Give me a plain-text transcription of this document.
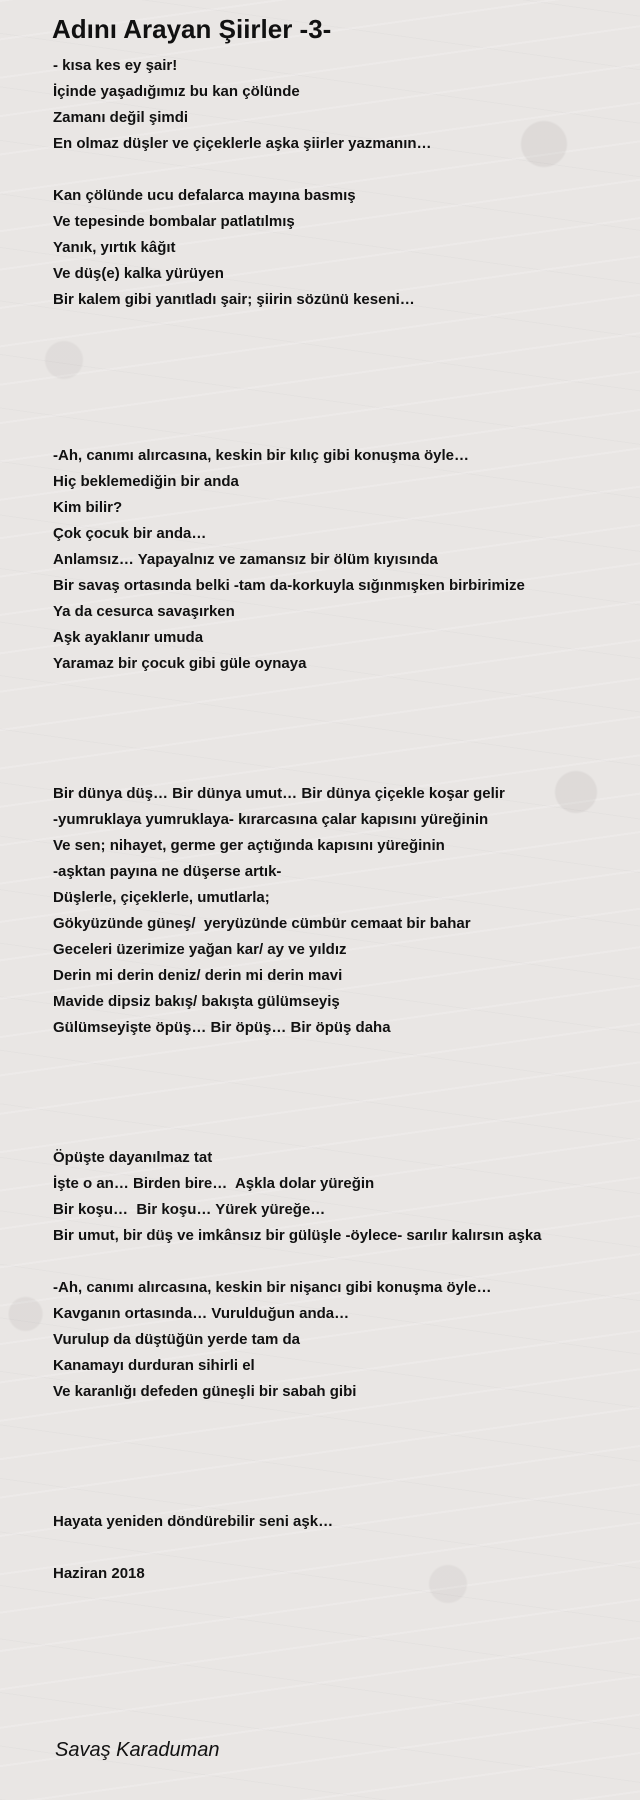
Adını Arayan Şiirler -3-
- kısa kes ey şair!
İçinde yaşadığımız bu kan çölünde
Zamanı değil şimdi
En olmaz düşler ve çiçeklerle aşka şiirler yazmanın…
Kan çölünde ucu defalarca mayına basmış
Ve tepesinde bombalar patlatılmış
Yanık, yırtık kâğıt
Ve düş(e) kalka yürüyen
Bir kalem gibi yanıtladı şair; şiirin sözünü keseni…
-Ah, canımı alırcasına, keskin bir kılıç gibi konuşma öyle…
Hiç beklemediğin bir anda
Kim bilir?
Çok çocuk bir anda…
Anlamsız… Yapayalnız ve zamansız bir ölüm kıyısında
Bir savaş ortasında belki -tam da-korkuyla sığınmışken birbirimize
Ya da cesurca savaşırken
Aşk ayaklanır umuda
Yaramaz bir çocuk gibi güle oynaya
Bir dünya düş… Bir dünya umut… Bir dünya çiçekle koşar gelir
-yumruklaya yumruklaya- kırarcasına çalar kapısını yüreğinin
Ve sen; nihayet, germe ger açtığında kapısını yüreğinin
-aşktan payına ne düşerse artık-
Düşlerle, çiçeklerle, umutlarla;
Gökyüzünde güneş/  yeryüzünde cümbür cemaat bir bahar
Geceleri üzerimize yağan kar/ ay ve yıldız
Derin mi derin deniz/ derin mi derin mavi
Mavide dipsiz bakış/ bakışta gülümseyiş
Gülümseyişte öpüş… Bir öpüş… Bir öpüş daha
Öpüşte dayanılmaz tat
İşte o an… Birden bire…  Aşkla dolar yüreğin
Bir koşu…  Bir koşu… Yürek yüreğe…
Bir umut, bir düş ve imkânsız bir gülüşle -öylece- sarılır kalırsın aşka
-Ah, canımı alırcasına, keskin bir nişancı gibi konuşma öyle…
Kavganın ortasında… Vurulduğun anda…
Vurulup da düştüğün yerde tam da
Kanamayı durduran sihirli el
Ve karanlığı defeden güneşli bir sabah gibi
Hayata yeniden döndürebilir seni aşk…
Haziran 2018
Savaş Karaduman
